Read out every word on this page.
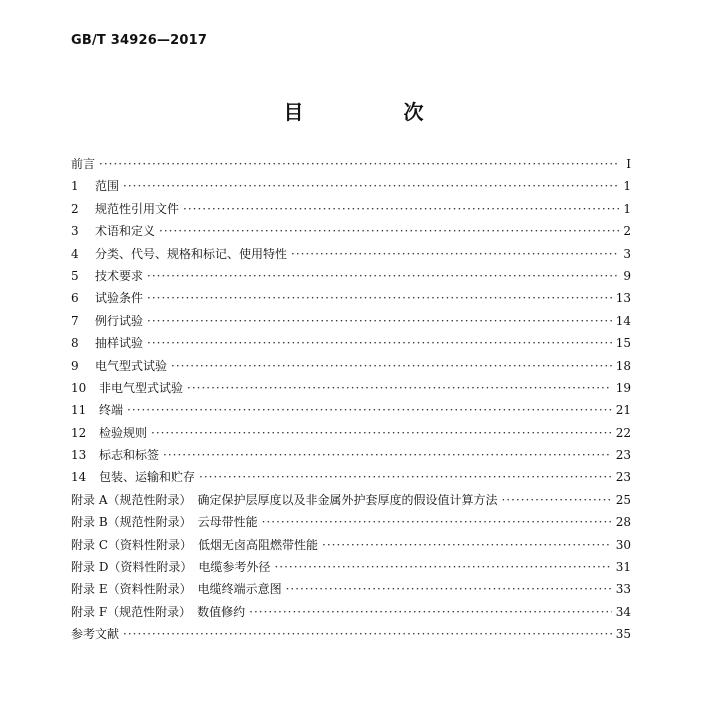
GB/T 34926—2017
目　次
前言 ·····	Ⅰ
1	范围 ·····	1
2	规范性引用文件 ·····	1
3	术语和定义 ·····	2
4	分类、代号、规格和标记、使用特性 ·····	3
5	技术要求 ·····	9
6	试验条件 ·····	13
7	例行试验 ·····	14
8	抽样试验 ·····	15
9	电气型式试验 ·····	18
10	非电气型式试验 ·····	19
11	终端 ·····	21
12	检验规则 ·····	22
13	标志和标签 ·····	23
14	包装、运输和贮存 ·····	23
附录 A（规范性附录）　确定保护层厚度以及非金属外护套厚度的假设值计算方法 ·····	25
附录 B（规范性附录）　云母带性能 ·····	28
附录 C（资料性附录）　低烟无卤高阻燃带性能 ·····	30
附录 D（资料性附录）　电缆参考外径 ·····	31
附录 E（资料性附录）　电缆终端示意图 ·····	33
附录 F（规范性附录）　数值修约 ·····	34
参考文献 ·····	35
